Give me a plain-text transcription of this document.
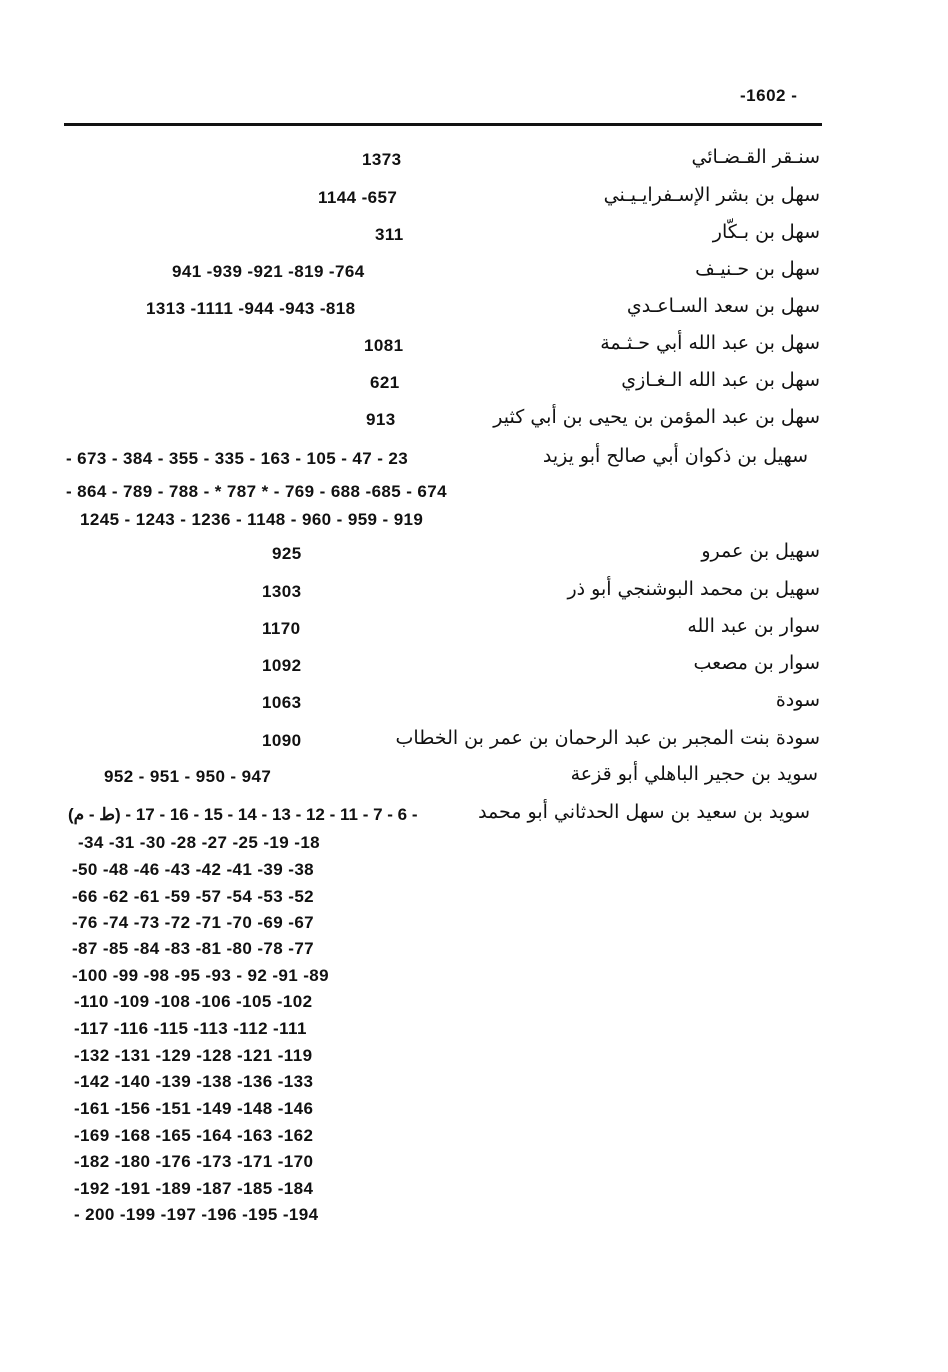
-1602 -
سنـقر القـضـائي
1373
سهل بن بشر الإسـفرايـيـني
1144 -657
سهل بن بـكّار
311
سهل بن حـنيـف
941 -939 -921 -819 -764
سهل بن سعد السـاعـدي
1313 -1111 -944 -943 -818
سهل بن عبد الله أبي حـثـمة
1081
سهل بن عبد الله الـغـازي
621
سهل بن عبد المؤمن بن يحيى بن أبي كثير
913
سهيل بن ذكوان أبي صالح أبو يزيد
- 673 - 384 - 355 - 335 - 163 - 105 - 47 - 23
- 864 - 789 - 788 - * 787 * - 769 - 688 -685 - 674
1245 - 1243 - 1236 - 1148 - 960 - 959 - 919
سهيل بن عمرو
925
سهيل بن محمد البوشنجي أبو ذر
1303
سوار بن عبد الله
1170
سوار بن مصعب
1092
سودة
1063
سودة بنت المجبر بن عبد الرحمان بن عمر بن الخطاب
1090
سويد بن حجير الباهلي أبو قزعة
952 - 951 - 950 - 947
سويد بن سعيد بن سهل الحدثاني أبو محمد
(ط - م) - 6 - 7 - 11 - 12 - 13 - 14 - 15 - 16 - 17 -
-34 -31 -30 -28 -27 -25 -19 -18
-50 -48 -46 -43 -42 -41 -39 -38
-66 -62 -61 -59 -57 -54 -53 -52
-76 -74 -73 -72 -71 -70 -69 -67
-87 -85 -84 -83 -81 -80 -78 -77
-100 -99 -98 -95 -93 - 92 -91 -89
-110 -109 -108 -106 -105 -102
-117 -116 -115 -113 -112 -111
-132 -131 -129 -128 -121 -119
-142 -140 -139 -138 -136 -133
-161 -156 -151 -149 -148 -146
-169 -168 -165 -164 -163 -162
-182 -180 -176 -173 -171 -170
-192 -191 -189 -187 -185 -184
- 200 -199 -197 -196 -195 -194
